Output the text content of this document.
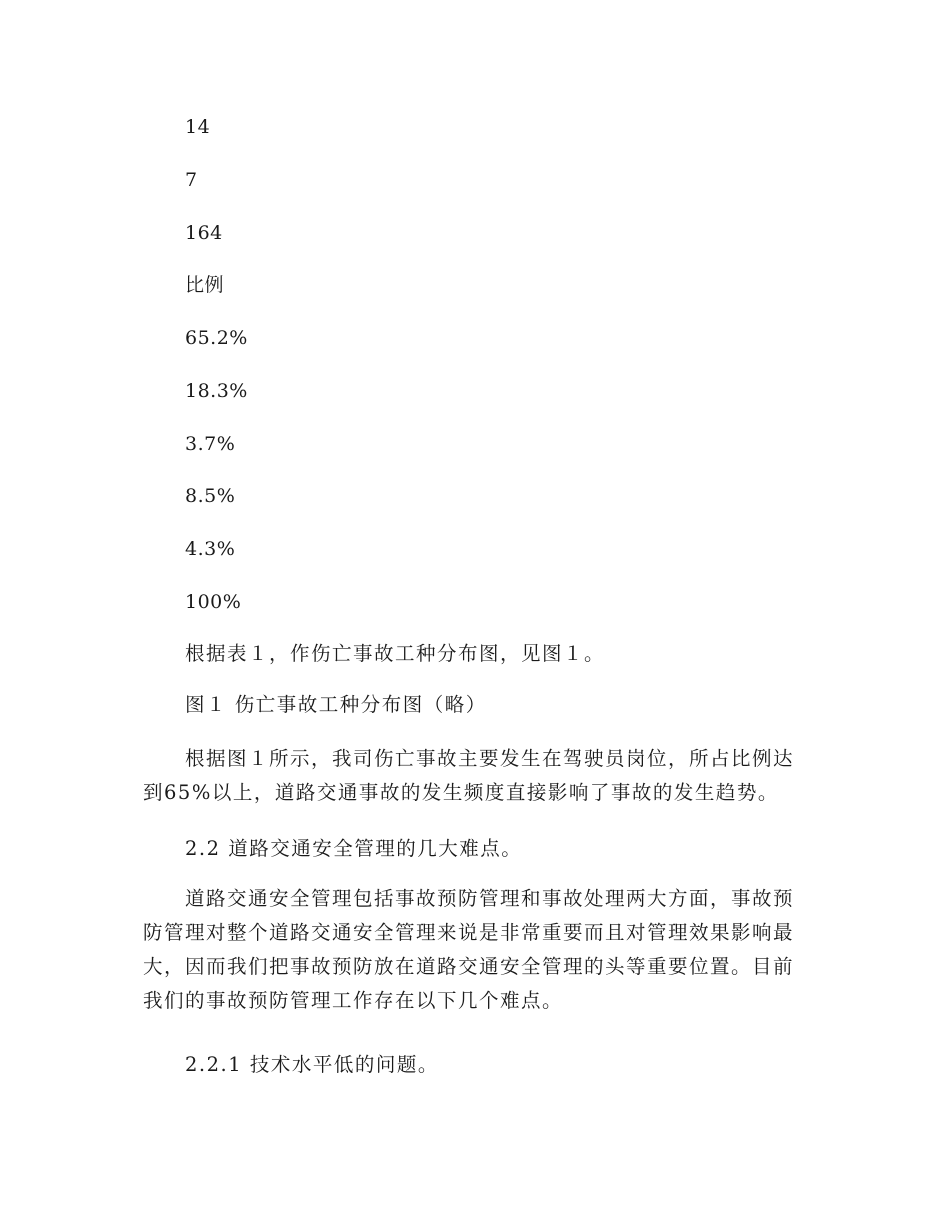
14
7
164
比例
65.2%
18.3%
3.7%
8.5%
4.3%
100%
根据表１，作伤亡事故工种分布图，见图１。
图１ 伤亡事故工种分布图（略）

根据图１所示，我司伤亡事故主要发生在驾驶员岗位，所占比例达到65%以上，道路交通事故的发生频度直接影响了事故的发生趋势。

2.2 道路交通安全管理的几大难点。

道路交通安全管理包括事故预防管理和事故处理两大方面，事故预防管理对整个道路交通安全管理来说是非常重要而且对管理效果影响最大，因而我们把事故预防放在道路交通安全管理的头等重要位置。目前我们的事故预防管理工作存在以下几个难点。

2.2.1 技术水平低的问题。
